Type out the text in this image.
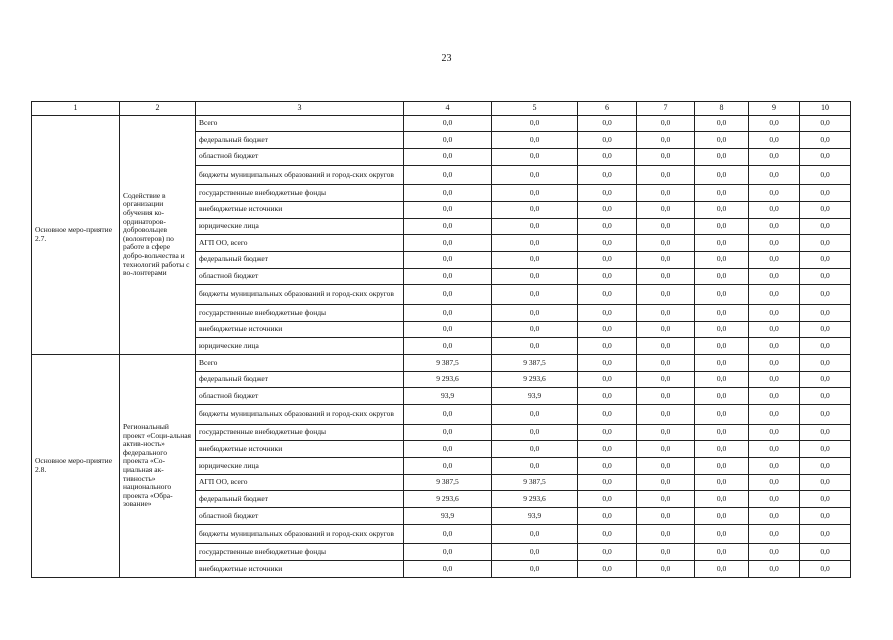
23
1	2	3	4	5	6	7	8	9	10
Основное меро-приятие 2.7.	Содействие в организации обучения ко-ординаторов-добровольцев (волонтеров) по работе в сфере добро-вольчества и технологий работы с во-лонтерами	Всего	0,0	0,0	0,0	0,0	0,0	0,0	0,0
		федеральный бюджет	0,0	0,0	0,0	0,0	0,0	0,0	0,0
		областной бюджет	0,0	0,0	0,0	0,0	0,0	0,0	0,0
		бюджеты муниципальных образований и город-ских округов	0,0	0,0	0,0	0,0	0,0	0,0	0,0
		государственные внебюджетные фонды	0,0	0,0	0,0	0,0	0,0	0,0	0,0
		внебюджетные источники	0,0	0,0	0,0	0,0	0,0	0,0	0,0
		юридические лица	0,0	0,0	0,0	0,0	0,0	0,0	0,0
		АГП ОО, всего	0,0	0,0	0,0	0,0	0,0	0,0	0,0
		федеральный бюджет	0,0	0,0	0,0	0,0	0,0	0,0	0,0
		областной бюджет	0,0	0,0	0,0	0,0	0,0	0,0	0,0
		бюджеты муниципальных образований и город-ских округов	0,0	0,0	0,0	0,0	0,0	0,0	0,0
		государственные внебюджетные фонды	0,0	0,0	0,0	0,0	0,0	0,0	0,0
		внебюджетные источники	0,0	0,0	0,0	0,0	0,0	0,0	0,0
		юридические лица	0,0	0,0	0,0	0,0	0,0	0,0	0,0
Основное меро-приятие 2.8.	Региональный проект «Соци-альная актив-ность» федерального проекта «Со-циальная ак-тивность» национального проекта «Обра-зование»	Всего	9 387,5	9 387,5	0,0	0,0	0,0	0,0	0,0
		федеральный бюджет	9 293,6	9 293,6	0,0	0,0	0,0	0,0	0,0
		областной бюджет	93,9	93,9	0,0	0,0	0,0	0,0	0,0
		бюджеты муниципальных образований и город-ских округов	0,0	0,0	0,0	0,0	0,0	0,0	0,0
		государственные внебюджетные фонды	0,0	0,0	0,0	0,0	0,0	0,0	0,0
		внебюджетные источники	0,0	0,0	0,0	0,0	0,0	0,0	0,0
		юридические лица	0,0	0,0	0,0	0,0	0,0	0,0	0,0
		АГП ОО, всего	9 387,5	9 387,5	0,0	0,0	0,0	0,0	0,0
		федеральный бюджет	9 293,6	9 293,6	0,0	0,0	0,0	0,0	0,0
		областной бюджет	93,9	93,9	0,0	0,0	0,0	0,0	0,0
		бюджеты муниципальных образований и город-ских округов	0,0	0,0	0,0	0,0	0,0	0,0	0,0
		государственные внебюджетные фонды	0,0	0,0	0,0	0,0	0,0	0,0	0,0
		внебюджетные источники	0,0	0,0	0,0	0,0	0,0	0,0	0,0
